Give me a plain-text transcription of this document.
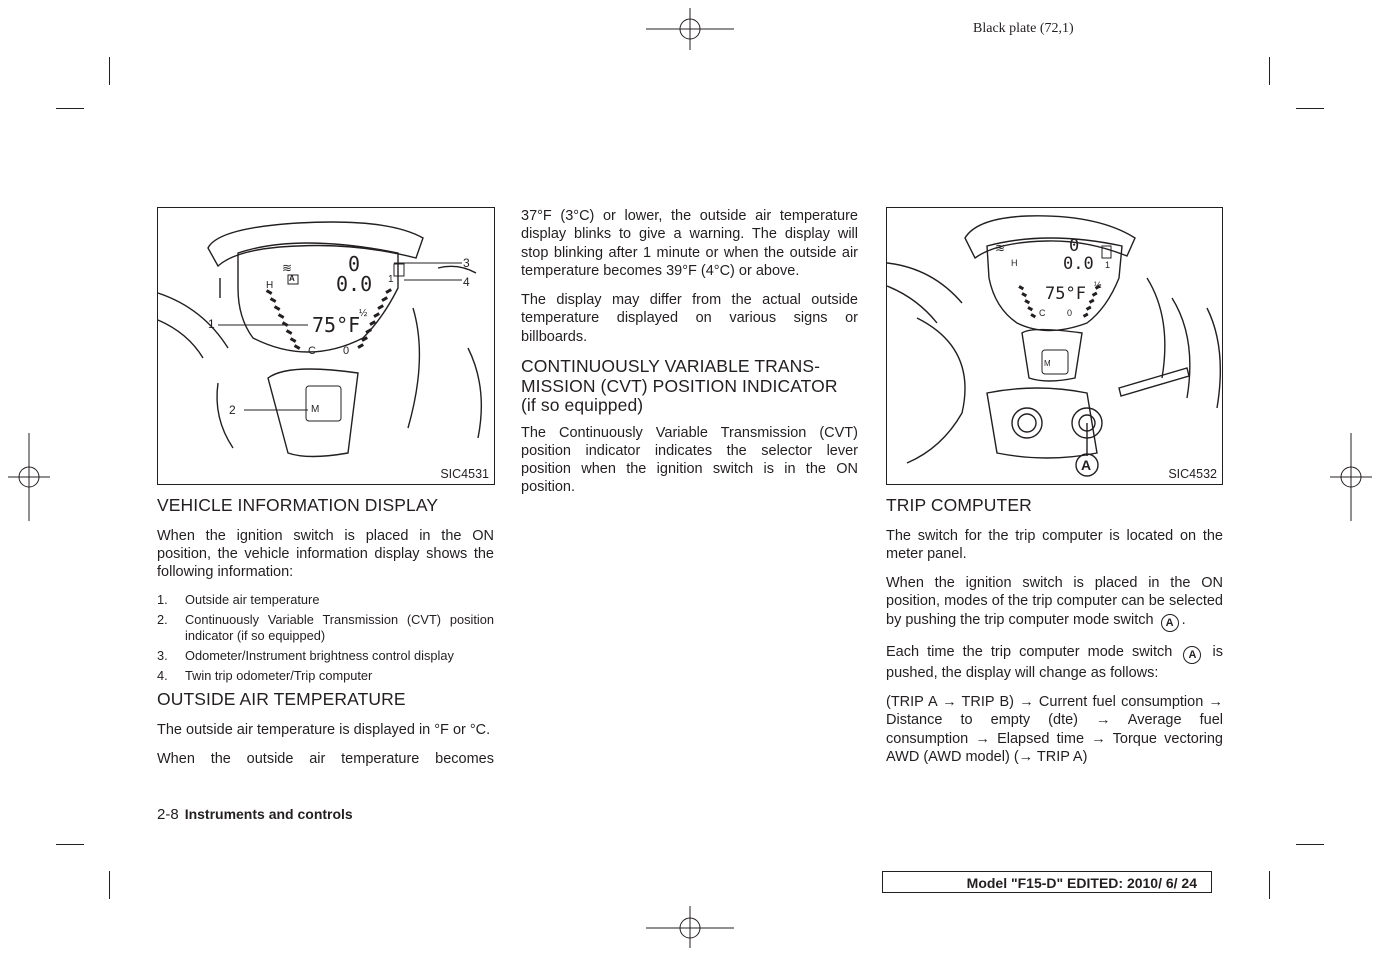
Black plate (72,1)
≋	3
4
1
2
A
H
0
0.0
75°F
½
1
C 0
M
SIC4531
VEHICLE INFORMATION DISPLAY

When the ignition switch is placed in the ON position, the vehicle information display shows the following information:

1.	Outside air temperature
2.	Continuously Variable Transmission (CVT) position indicator (if so equipped)
3.	Odometer/Instrument brightness control display
4.	Twin trip odometer/Trip computer
OUTSIDE AIR TEMPERATURE

The outside air temperature is displayed in °F or °C.

When the outside air temperature becomes

37°F (3°C) or lower, the outside air temperature display blinks to give a warning. The display will stop blinking after 1 minute or when the outside air temperature becomes 39°F (4°C) or above.

The display may differ from the actual outside temperature displayed on various signs or billboards.

CONTINUOUSLY VARIABLE TRANS-
MISSION (CVT) POSITION INDICATOR
(if so equipped)

The Continuously Variable Transmission (CVT) position indicator indicates the selector lever position when the ignition switch is in the ON position.

≋
H
0
0.0
75°F
1
½
C 0
M
A
SIC4532
TRIP COMPUTER

The switch for the trip computer is located on the meter panel.

When the ignition switch is placed in the ON position, modes of the trip computer can be selected by pushing the trip computer mode switch A .

Each time the trip computer mode switch A is pushed, the display will change as follows:

(TRIP A → TRIP B) → Current fuel consumption → Distance to empty (dte) → Average fuel consumption → Elapsed time → Torque vectoring AWD (AWD model) (→ TRIP A)

2-8 Instruments and controls
Model "F15-D" EDITED: 2010/ 6/ 24
